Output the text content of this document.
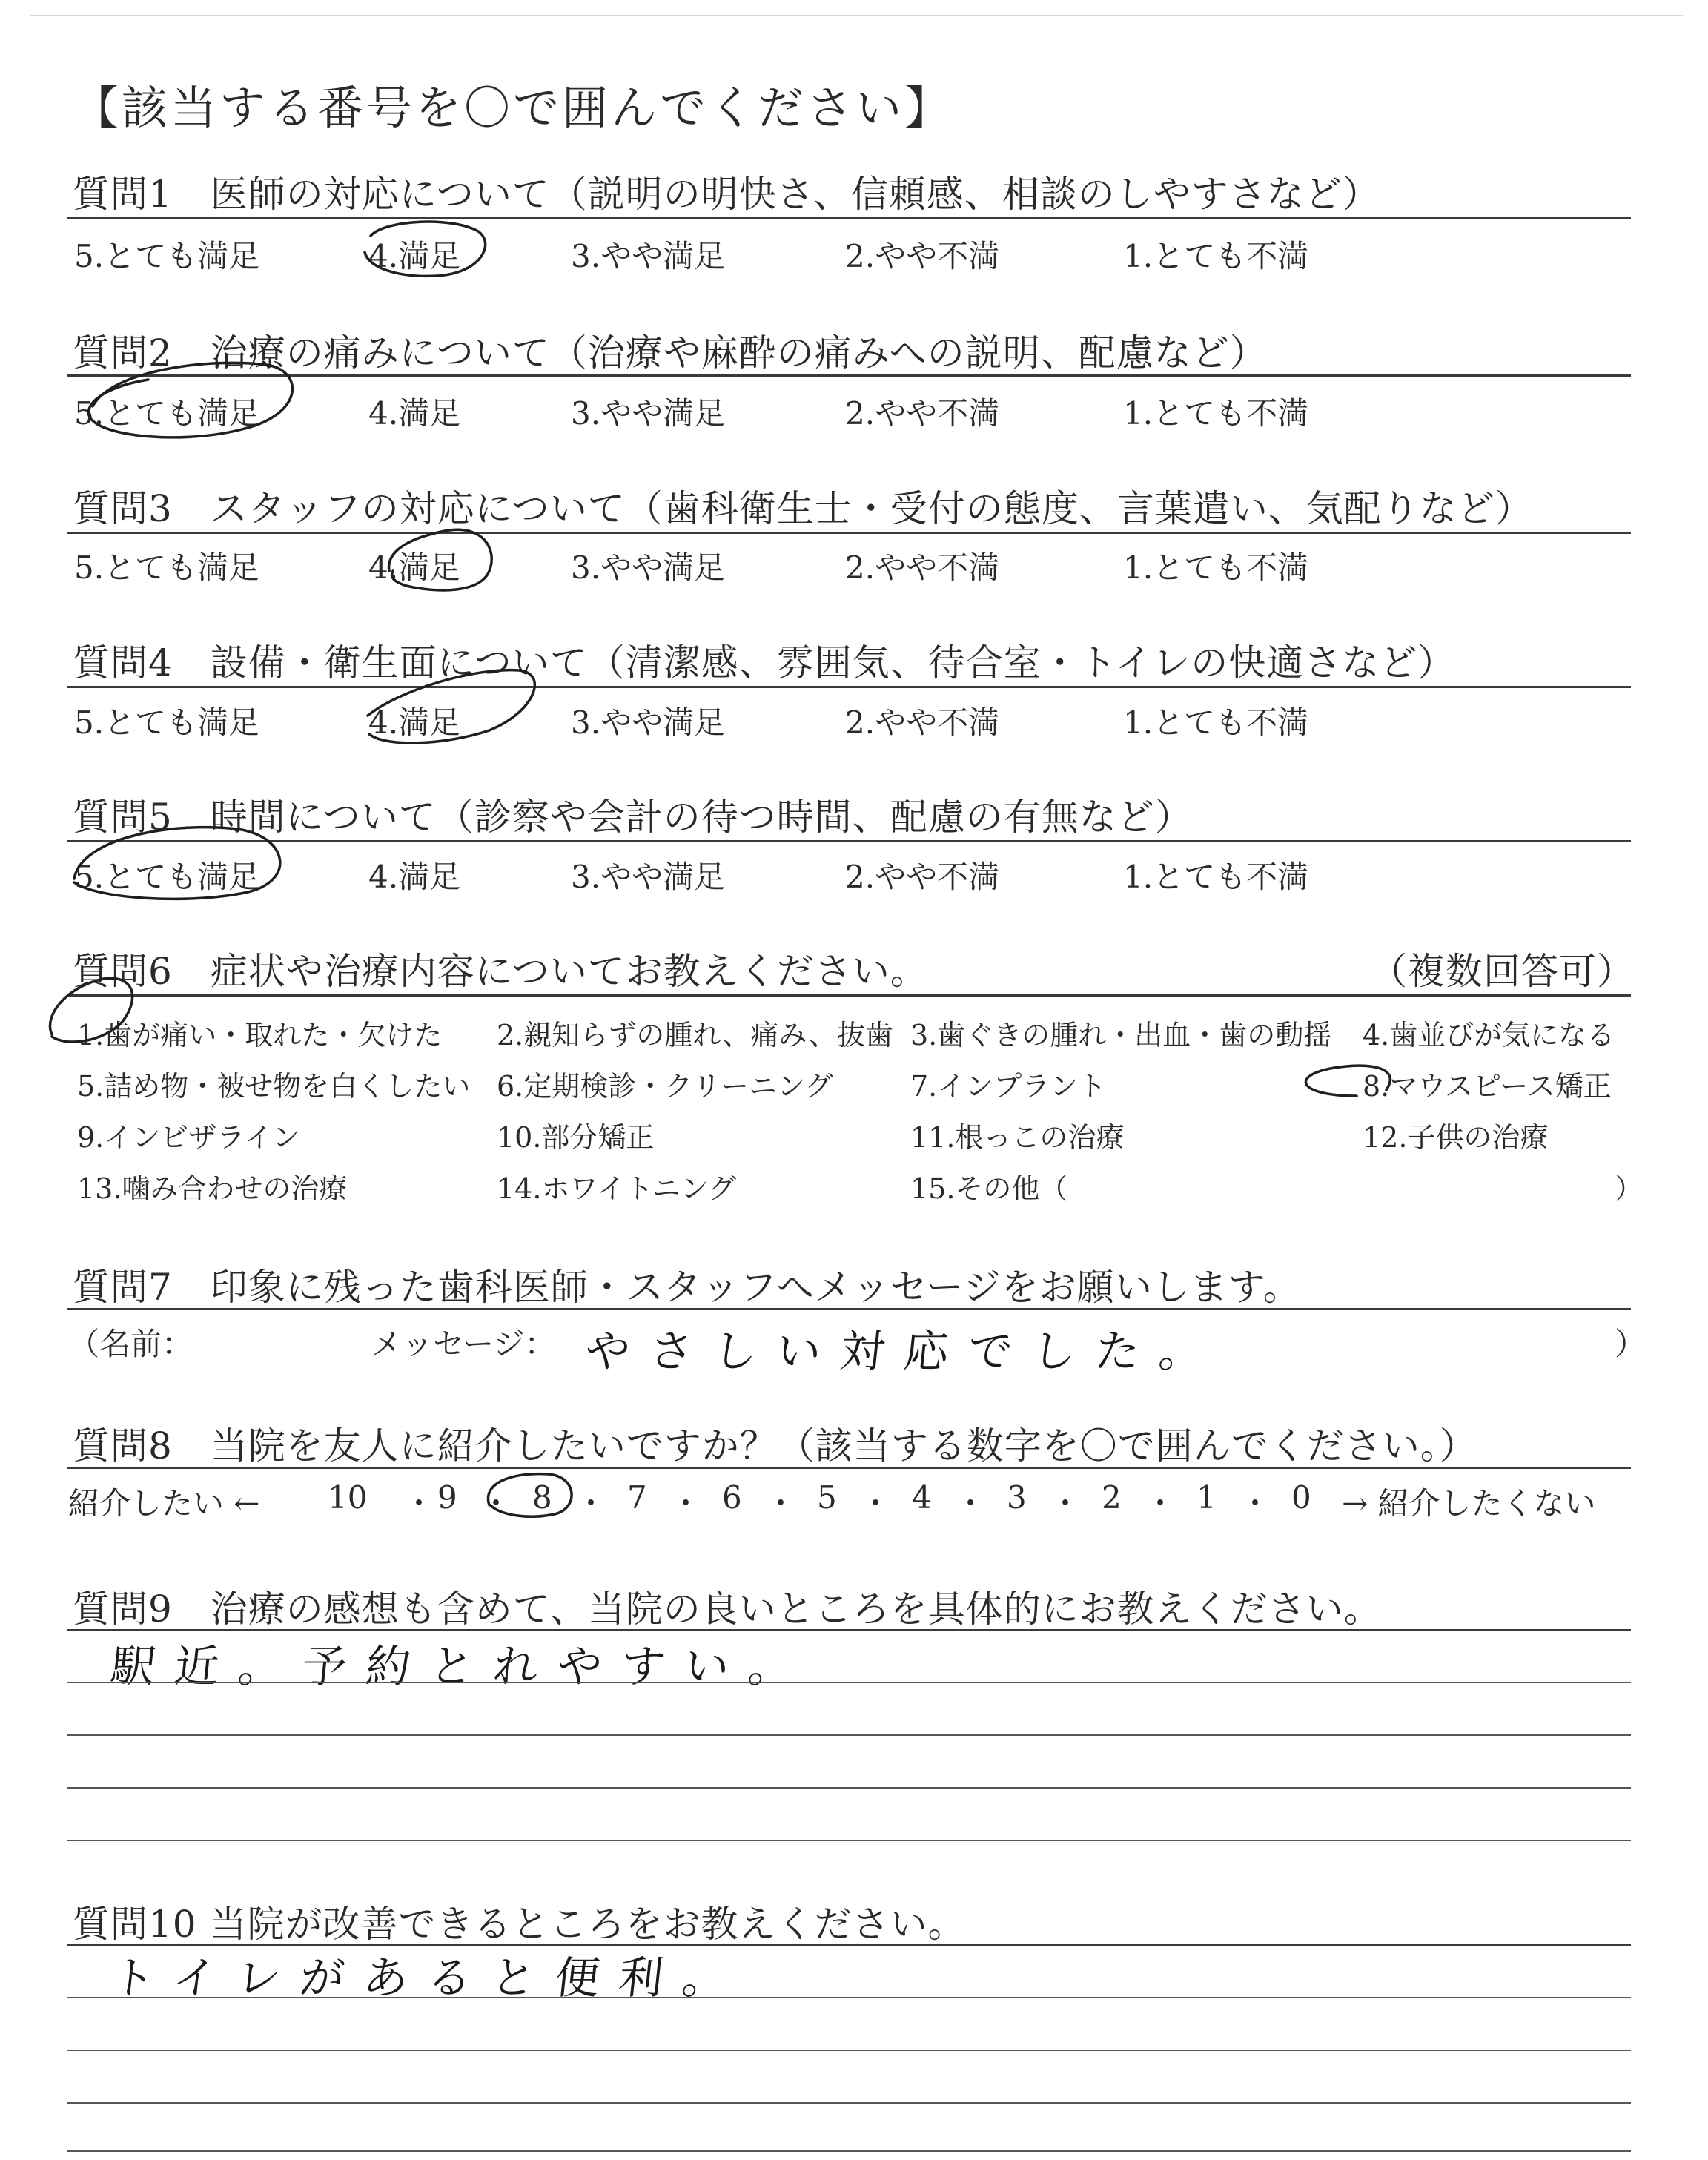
【該当する番号を〇で囲んでください】
質問1　医師の対応について（説明の明快さ、信頼感、相談のしやすさなど）
5.とても満足	4.満足	3.やや満足	2.やや不満	1.とても不満
質問2　治療の痛みについて（治療や麻酔の痛みへの説明、配慮など）
5.とても満足	4.満足	3.やや満足	2.やや不満	1.とても不満
質問3　スタッフの対応について（歯科衛生士・受付の態度、言葉遣い、気配りなど）
5.とても満足	4.満足	3.やや満足	2.やや不満	1.とても不満
質問4　設備・衛生面について（清潔感、雰囲気、待合室・トイレの快適さなど）
5.とても満足	4.満足	3.やや満足	2.やや不満	1.とても不満
質問5　時間について（診察や会計の待つ時間、配慮の有無など）
5.とても満足	4.満足	3.やや満足	2.やや不満	1.とても不満
質問6　症状や治療内容についてお教えください。	（複数回答可）
1.歯が痛い・取れた・欠けた 2.親知らずの腫れ、痛み、抜歯 3.歯ぐきの腫れ・出血・歯の動揺 4.歯並びが気になる
5.詰め物・被せ物を白くしたい 6.定期検診・クリーニング	7.インプラント	8.マウスピース矯正
9.インビザライン	10.部分矯正	11.根っこの治療	12.子供の治療
13.噛み合わせの治療	14.ホワイトニング	15.その他（	）
質問7　印象に残った歯科医師・スタッフへメッセージをお願いします。
（名前：	メッセージ： やさしい対応でした。	）
質問8　当院を友人に紹介したいですか？（該当する数字を〇で囲んでください。）
紹介したい ← 10 ・ 9 ・ 8 ・ 7 ・ 6 ・ 5 ・ 4 ・ 3 ・ 2 ・ 1 ・ 0 → 紹介したくない
質問9　治療の感想も含めて、当院の良いところを具体的にお教えください。
駅近。予約とれやすい。
質問10 当院が改善できるところをお教えください。
トイレがあると便利。
